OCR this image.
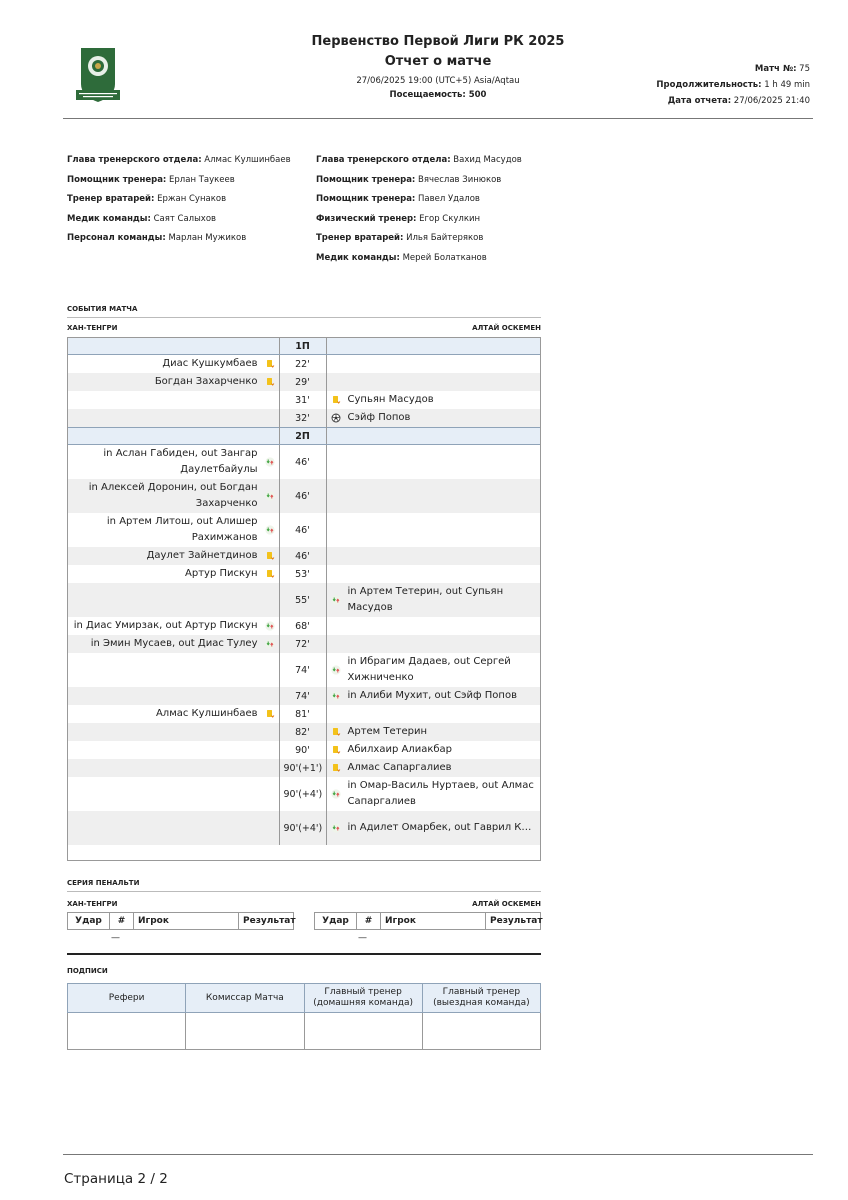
Первенство Первой Лиги РК 2025
Отчет о матче
27/06/2025 19:00 (UTC+5) Asia/Aqtau
Посещаемость: 500
Матч №: 75
Продолжительность: 1 h 49 min
Дата отчета: 27/06/2025 21:40
Глава тренерского отдела: Алмас Кулшинбаев
Помощник тренера: Ерлан Таукеев
Тренер вратарей: Ержан Сунаков
Медик команды: Саят Салыхов
Персонал команды: Марлан Мужиков
Глава тренерского отдела: Вахид Масудов
Помощник тренера: Вячеслав Зинюков
Помощник тренера: Павел Удалов
Физический тренер: Егор Скулкин
Тренер вратарей: Илья Байтеряков
Медик команды: Мерей Болатканов
СОБЫТИЯ МАТЧА
ХАН-ТЕНГРИ	АЛТАЙ ОСКЕМЕН
	1П	

Диас Кушкумбаев	22'	

Богдан Захарченко	29'	
	31'	Супьян Масудов

	32'	Сэйф Попов

	2П	

in Аслан Габиден, out Зангар Даулетбайулы	46'	

in Алексей Доронин, out Богдан Захарченко	46'	

in Артем Литош, out Алишер Рахимжанов	46'	

Даулет Зайнетдинов	46'	

Артур Пискун	53'	
	55'	in Артем Тетерин, out Супьян Масудов

in Диас Умирзак, out Артур Пискун	68'	

in Эмин Мусаев, out Диас Тулеу	72'	
	74'	in Ибрагим Дадаев, out Сергей Хижниченко

	74'	in Алиби Мухит, out Сэйф Попов

Алмас Кулшинбаев	81'	
	82'	Артем Тетерин

	90'	Абилхаир Алиакбар

	90'(+1')	Алмас Сапаргалиев

	90'(+4')	in Омар-Василь Нуртаев, out Алмас Сапаргалиев

	90'(+4')	in Адилет Омарбек, out Гаврил Ка···
СЕРИЯ ПЕНАЛЬТИ
ХАН-ТЕНГРИ	АЛТАЙ ОСКЕМЕН
Удар	#	Игрок	Результат	Удар	#	Игрок	Результат
—	—
ПОДПИСИ
Рефери	Комиссар Матча	Главный тренер (домашняя команда)	Главный тренер (выездная команда)

Страница 2 / 2
